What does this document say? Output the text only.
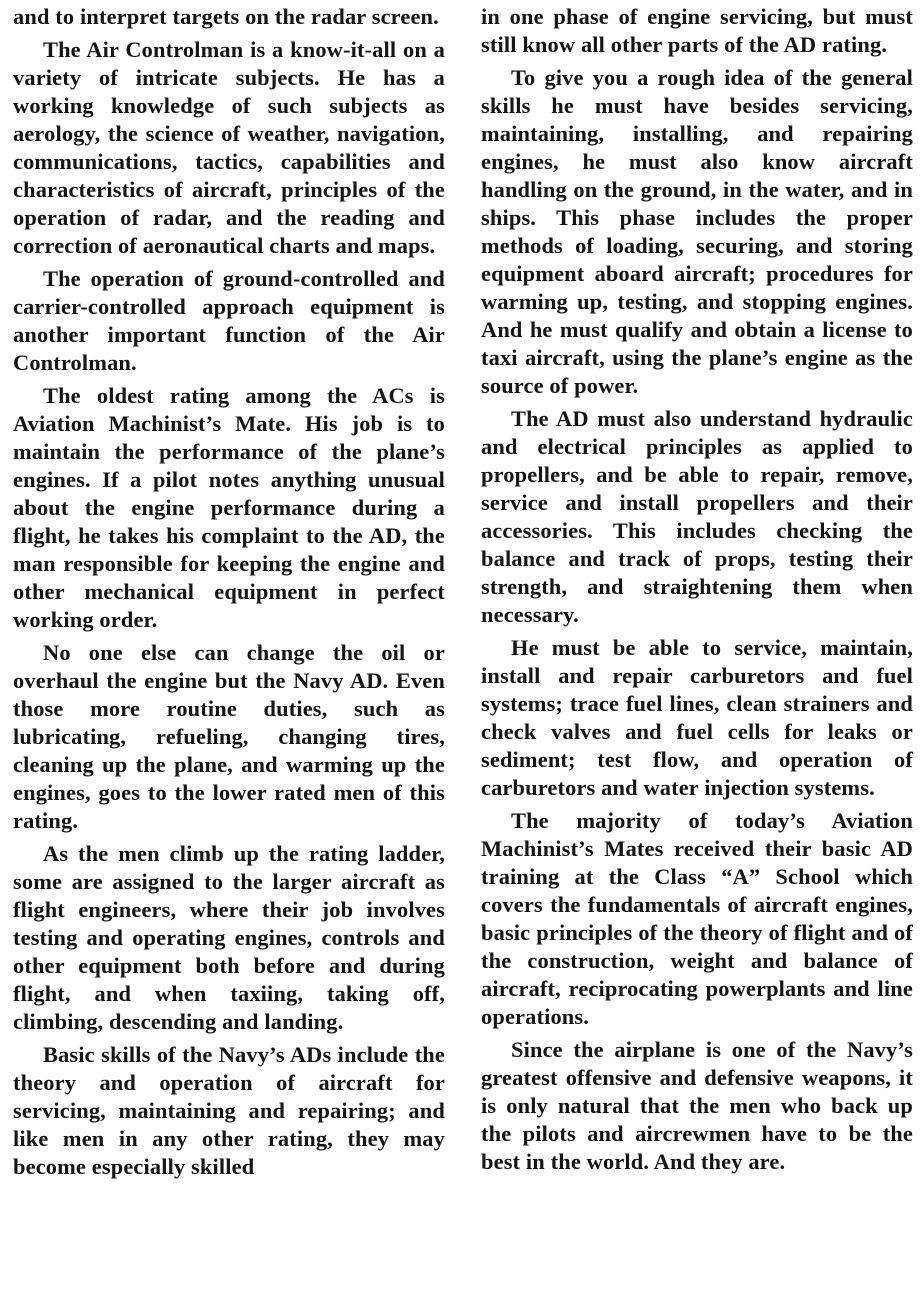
and to interpret targets on the radar screen.

The Air Controlman is a know-it-all on a variety of intricate subjects. He has a working knowledge of such subjects as aerology, the science of weather, navigation, communications, tactics, capabilities and characteristics of aircraft, principles of the operation of radar, and the reading and correction of aeronautical charts and maps.

The operation of ground-controlled and carrier-controlled approach equipment is another important function of the Air Controlman.

The oldest rating among the ACs is Aviation Machinist’s Mate. His job is to maintain the performance of the plane’s engines. If a pilot notes anything unusual about the engine performance during a flight, he takes his complaint to the AD, the man responsible for keeping the engine and other mechanical equipment in perfect working order.

No one else can change the oil or overhaul the engine but the Navy AD. Even those more routine duties, such as lubricating, refueling, changing tires, cleaning up the plane, and warming up the engines, goes to the lower rated men of this rating.

As the men climb up the rating ladder, some are assigned to the larger aircraft as flight engineers, where their job involves testing and operating engines, controls and other equipment both before and during flight, and when taxiing, taking off, climbing, descending and landing.

Basic skills of the Navy’s ADs include the theory and operation of aircraft for servicing, maintaining and repairing; and like men in any other rating, they may become especially skilled

in one phase of engine servicing, but must still know all other parts of the AD rating.

To give you a rough idea of the general skills he must have besides servicing, maintaining, installing, and repairing engines, he must also know aircraft handling on the ground, in the water, and in ships. This phase includes the proper methods of loading, securing, and storing equipment aboard aircraft; procedures for warming up, testing, and stopping engines. And he must qualify and obtain a license to taxi aircraft, using the plane’s engine as the source of power.

The AD must also understand hydraulic and electrical principles as applied to propellers, and be able to repair, remove, service and install propellers and their accessories. This includes checking the balance and track of props, testing their strength, and straightening them when necessary.

He must be able to service, maintain, install and repair carburetors and fuel systems; trace fuel lines, clean strainers and check valves and fuel cells for leaks or sediment; test flow, and operation of carburetors and water injection systems.

The majority of today’s Aviation Machinist’s Mates received their basic AD training at the Class “A” School which covers the fundamentals of aircraft engines, basic principles of the theory of flight and of the construction, weight and balance of aircraft, reciprocating powerplants and line operations.

Since the airplane is one of the Navy’s greatest offensive and defensive weapons, it is only natural that the men who back up the pilots and aircrewmen have to be the best in the world. And they are.
